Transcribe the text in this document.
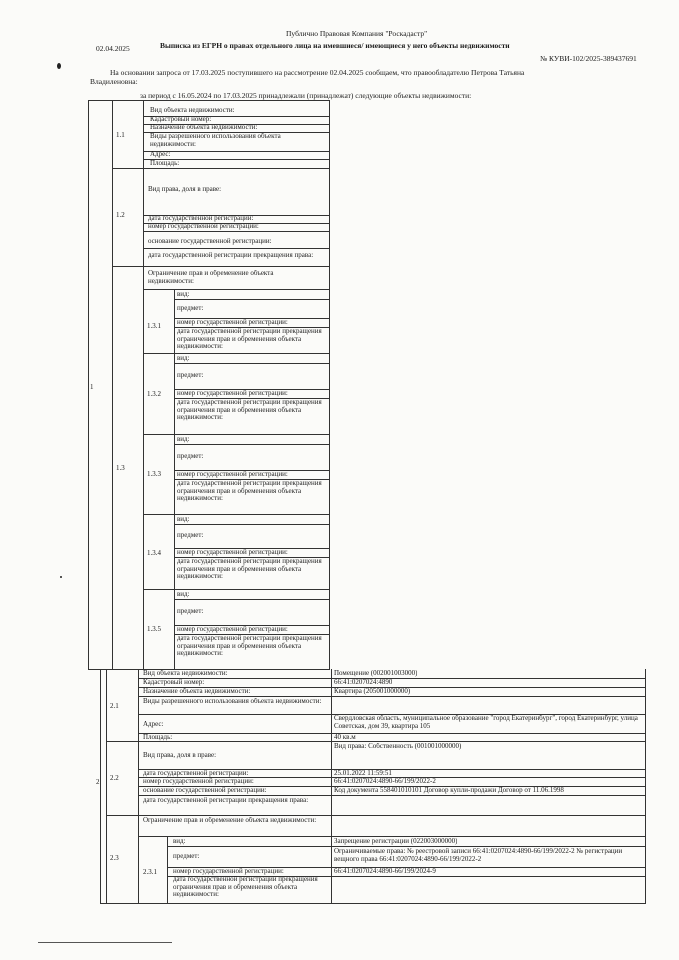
Публично Правовая Компания "Роскадастр"
02.04.2025	Выписка из ЕГРН о правах отдельного лица на имевшиеся/ имеющиеся у него объекты недвижимости
№ КУВИ-102/2025-389437691
На основании запроса от 17.03.2025 поступившего на рассмотрение 02.04.2025 сообщаем, что правообладателю Петрова Татьяна
Владиленовна:
за период с 16.05.2024 по 17.03.2025 принадлежали (принадлежат) следующие объекты недвижимости:
Вид объекта недвижимости:
Кадастровый номер:
Назначение объекта недвижимости:
Виды разрешенного использования объекта недвижимости:
Адрес:
Площадь:
Вид права, доля в праве:
дата государственной регистрации:
номер государственной регистрации:
основание государственной регистрации:
дата государственной регистрации прекращения права:
Ограничение прав и обременение объекта недвижимости:
вид:
предмет:
номер государственной регистрации:
дата государственной регистрации прекращения ограничения прав и обременения объекта недвижимости:
вид:
предмет:
номер государственной регистрации:
дата государственной регистрации прекращения ограничения прав и обременения объекта недвижимости:
вид:
предмет:
номер государственной регистрации:
дата государственной регистрации прекращения ограничения прав и обременения объекта недвижимости:
вид:
предмет:
номер государственной регистрации:
дата государственной регистрации прекращения ограничения прав и обременения объекта недвижимости:
вид:
предмет:
номер государственной регистрации:
дата государственной регистрации прекращения ограничения прав и обременения объекта недвижимости:
1
1.1
1.2
1.3
1.3.1
1.3.2
1.3.3
1.3.4
1.3.5
Вид объекта недвижимости:
Кадастровый номер:
Назначение объекта недвижимости:
Виды разрешенного использования объекта недвижимости:
Адрес:
Площадь:
Помещение (002001003000)
66:41:0207024:4890
Квартира (205001000000)
Свердловская область, муниципальное образование "город Екатеринбург", город Екатеринбург, улица Советская, дом 39, квартира 105
40 кв.м
Вид права, доля в праве:
дата государственной регистрации:
номер государственной регистрации:
основание государственной регистрации:
дата государственной регистрации прекращения права:
Вид права: Собственность (001001000000)
25.01.2022 11:59:51
66:41:0207024:4890-66/199/2022-2
Код документа 558401010101 Договор купли-продажи Договор от 11.06.1998
Ограничение прав и обременение объекта недвижимости:
вид:
предмет:
номер государственной регистрации:
дата государственной регистрации прекращения ограничения прав и обременения объекта недвижимости:
Запрещение регистрации (022003000000)
Ограничиваемые права: № реестровой записи 66:41:0207024:4890-66/199/2022-2 № регистрации вещного права 66:41:0207024:4890-66/199/2022-2
66:41:0207024:4890-66/199/2024-9
2
2.1
2.2
2.3
2.3.1
